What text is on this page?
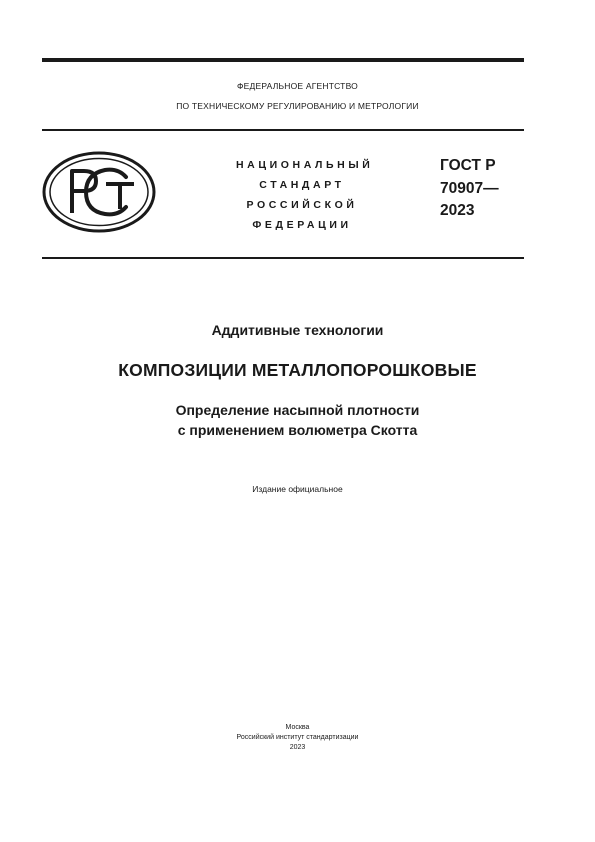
ФЕДЕРАЛЬНОЕ АГЕНТСТВО
ПО ТЕХНИЧЕСКОМУ РЕГУЛИРОВАНИЮ И МЕТРОЛОГИИ
НАЦИОНАЛЬНЫЙ
СТАНДАРТ
РОССИЙСКОЙ
ФЕДЕРАЦИИ
ГОСТ Р
70907—
2023
Аддитивные технологии
КОМПОЗИЦИИ МЕТАЛЛОПОРОШКОВЫЕ
Определение насыпной плотности
с применением волюметра Скотта
Издание официальное
Москва
Российский институт стандартизации
2023
